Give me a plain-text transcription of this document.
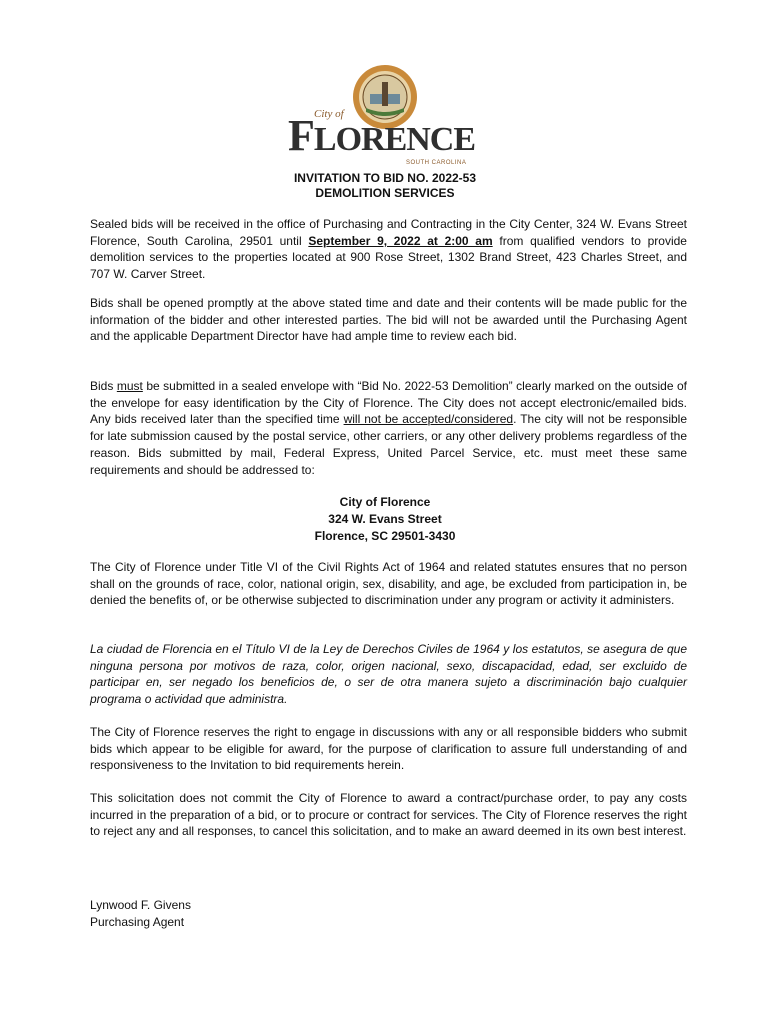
City of
FLORENCE
SOUTH CAROLINA
INVITATION TO BID NO. 2022-53
DEMOLITION SERVICES

Sealed bids will be received in the office of Purchasing and Contracting in the City Center, 324 W. Evans Street Florence, South Carolina, 29501 until September 9, 2022 at 2:00 am from qualified vendors to provide demolition services to the properties located at 900 Rose Street, 1302 Brand Street, 423 Charles Street, and 707 W. Carver Street.

Bids shall be opened promptly at the above stated time and date and their contents will be made public for the information of the bidder and other interested parties. The bid will not be awarded until the Purchasing Agent and the applicable Department Director have had ample time to review each bid.

Bids must be submitted in a sealed envelope with “Bid No. 2022-53 Demolition” clearly marked on the outside of the envelope for easy identification by the City of Florence. The City does not accept electronic/emailed bids. Any bids received later than the specified time will not be accepted/considered. The city will not be responsible for late submission caused by the postal service, other carriers, or any other delivery problems regardless of the reason. Bids submitted by mail, Federal Express, United Parcel Service, etc. must meet these same requirements and should be addressed to:

City of Florence
324 W. Evans Street
Florence, SC 29501-3430

The City of Florence under Title VI of the Civil Rights Act of 1964 and related statutes ensures that no person shall on the grounds of race, color, national origin, sex, disability, and age, be excluded from participation in, be denied the benefits of, or be otherwise subjected to discrimination under any program or activity it administers.

La ciudad de Florencia en el Título VI de la Ley de Derechos Civiles de 1964 y los estatutos, se asegura de que ninguna persona por motivos de raza, color, origen nacional, sexo, discapacidad, edad, ser excluido de participar en, ser negado los beneficios de, o ser de otra manera sujeto a discriminación bajo cualquier programa o actividad que administra.

The City of Florence reserves the right to engage in discussions with any or all responsible bidders who submit bids which appear to be eligible for award, for the purpose of clarification to assure full understanding of and responsiveness to the Invitation to bid requirements herein.

This solicitation does not commit the City of Florence to award a contract/purchase order, to pay any costs incurred in the preparation of a bid, or to procure or contract for services. The City of Florence reserves the right to reject any and all responses, to cancel this solicitation, and to make an award deemed in its own best interest.

Lynwood F. Givens
Purchasing Agent
